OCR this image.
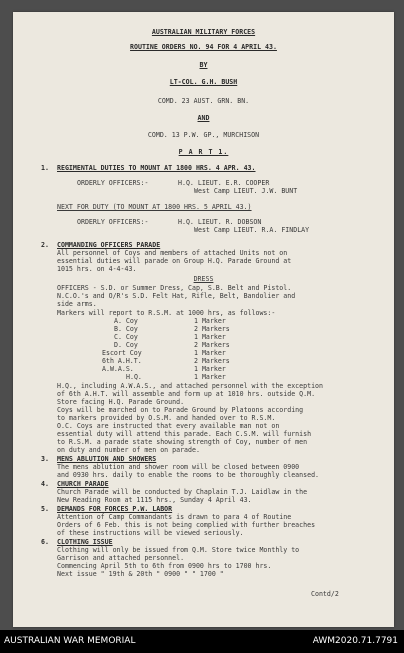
AUSTRALIAN MILITARY FORCES
ROUTINE ORDERS NO. 94 FOR 4 APRIL 43.
BY
LT-COL. G.H. BUSH
COMD. 23 AUST. GRN. BN.
AND
COMD. 13 P.W. GP., MURCHISON
P A R T 1.
1. REGIMENTAL DUTIES TO MOUNT AT 1800 HRS. 4 APR. 43.
ORDERLY OFFICERS:-	H.Q. LIEUT. E.R. COOPER
West Camp LIEUT. J.W. BUNT
NEXT FOR DUTY (TO MOUNT AT 1800 HRS. 5 APRIL 43.)
ORDERLY OFFICERS:-	H.Q. LIEUT. R. DOBSON
West Camp LIEUT. R.A. FINDLAY
2. COMMANDING OFFICERS PARADE
All personnel of Coys and members of attached Units not on
essential duties will parade on Group H.Q. Parade Ground at
1015 hrs. on 4-4-43.
DRESS
OFFICERS - S.D. or Summer Dress, Cap, S.B. Belt and Pistol.
N.C.O.'s and O/R's S.D. Felt Hat, Rifle, Belt, Bandolier and
side arms.
Markers will report to R.S.M. at 1000 hrs, as follows:-
A. Coy	1 Marker
B. Coy	2 Markers
C. Coy	1 Marker
D. Coy	2 Markers
Escort Coy	1 Marker
6th A.H.T.	2 Markers
A.W.A.S.	1 Marker
H.Q.	1 Marker
H.Q., including A.W.A.S., and attached personnel with the exception
of 6th A.H.T. will assemble and form up at 1010 hrs. outside Q.M.
Store facing H.Q. Parade Ground.
Coys will be marched on to Parade Ground by Platoons according
to markers provided by O.S.M. and handed over to R.S.M.
O.C. Coys are instructed that every available man not on
essential duty will attend this parade. Each C.S.M. will furnish
to R.S.M. a parade state showing strength of Coy, number of men
on duty and number of men on parade.
3. MENS ABLUTION AND SHOWERS
The mens ablution and shower room will be closed between 0900
and 0930 hrs. daily to enable the rooms to be thoroughly cleansed.
4. CHURCH PARADE
Church Parade will be conducted by Chaplain T.J. Laidlaw in the
New Reading Room at 1115 hrs., Sunday 4 April 43.
5. DEMANDS FOR FORCES P.W. LABOR
Attention of Camp Commandants is drawn to para 4 of Routine
Orders of 6 Feb. this is not being complied with further breaches
of these instructions will be viewed seriously.
6. CLOTHING ISSUE
Clothing will only be issued from Q.M. Store twice Monthly to
Garrison and attached personnel.
Commencing April 5th to 6th from 0900 hrs to 1700 hrs.
Next issue " 19th & 20th " 0900 " " 1700 "
Contd/2
AUSTRALIAN WAR MEMORIAL	AWM2020.71.7791
